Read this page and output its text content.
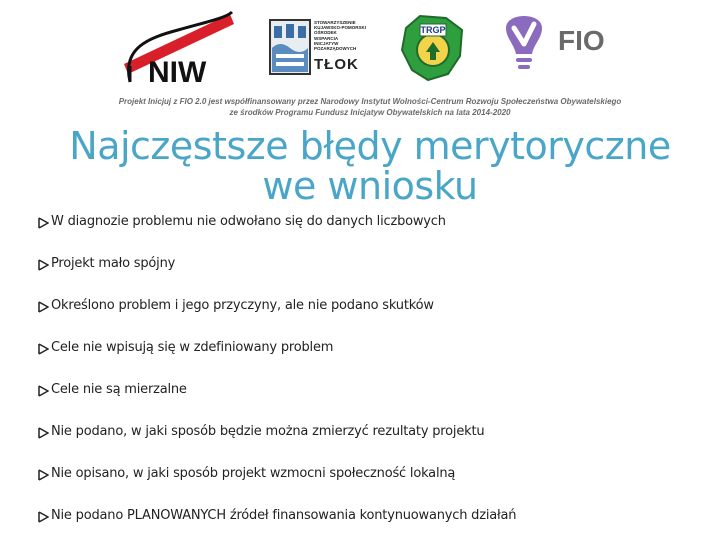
NIW
STOWARZYSZENIE
KUJAWSKO-POMORSKI
OŚRODEK
WSPARCIA
INICJATYW
POZARZĄDOWYCH
TŁOK
TRGP	FIO
Projekt Inicjuj z FIO 2.0 jest współfinansowany przez Narodowy Instytut Wolności-Centrum Rozwoju Społeczeństwa Obywatelskiego
ze środków Programu Fundusz Inicjatyw Obywatelskich na lata 2014-2020
Najczęstsze błędy merytoryczne
we wniosku
W diagnozie problemu nie odwołano się do danych liczbowych
Projekt mało spójny
Określono problem i jego przyczyny, ale nie podano skutków
Cele nie wpisują się w zdefiniowany problem
Cele nie są mierzalne
Nie podano, w jaki sposób będzie można zmierzyć rezultaty projektu
Nie opisano, w jaki sposób projekt wzmocni społeczność lokalną
Nie podano PLANOWANYCH źródeł finansowania kontynuowanych działań
